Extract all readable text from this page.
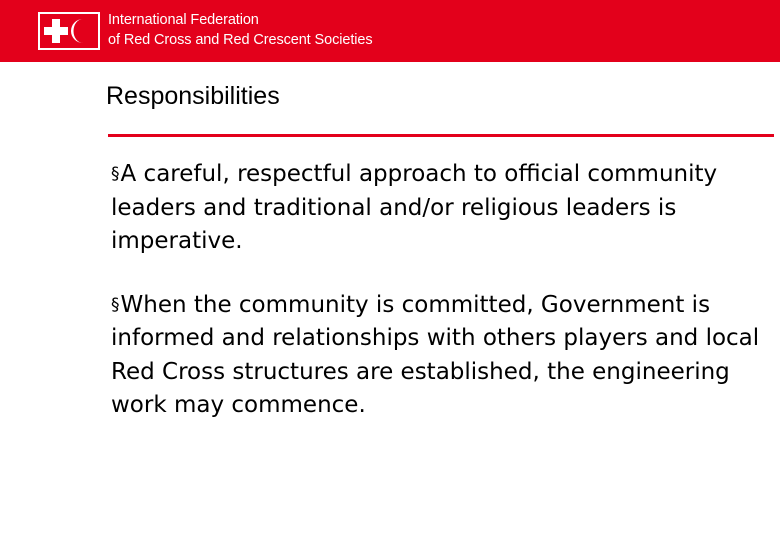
International Federation
of Red Cross and Red Crescent Societies
Responsibilities
§A careful, respectful approach to official community leaders and traditional and/or religious leaders is imperative.
§When the community is committed, Government is informed and relationships with others players and local Red Cross structures are established, the engineering work may commence.
